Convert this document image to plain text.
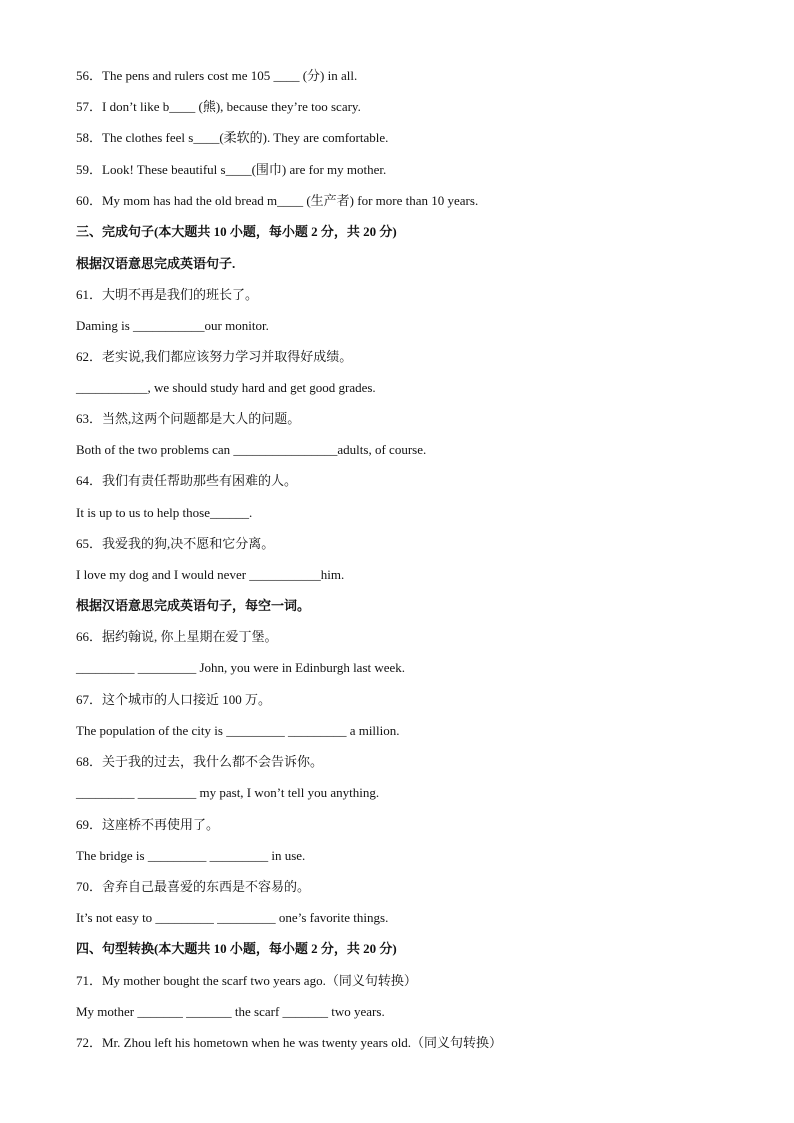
56．The pens and rulers cost me 105 ____ (分) in all.
57．I don’t like b____ (熊), because they’re too scary.
58．The clothes feel s____(柔软的). They are comfortable.
59．Look! These beautiful s____(围巾) are for my mother.
60．My mom has had the old bread m____ (生产者) for more than 10 years.
三、完成句子(本大题共 10 小题，每小题 2 分，共 20 分)
根据汉语意思完成英语句子.
61．大明不再是我们的班长了。
Daming is ___________our monitor.
62．老实说,我们都应该努力学习并取得好成绩。
___________, we should study hard and get good grades.
63．当然,这两个问题都是大人的问题。
Both of the two problems can ________________adults, of course.
64．我们有责任帮助那些有困难的人。
It is up to us to help those______.
65．我爱我的狗,决不愿和它分离。
I love my dog and I would never ___________him.
根据汉语意思完成英语句子，每空一词。
66．据约翰说, 你上星期在爱丁堡。
_________ _________ John, you were in Edinburgh last week.
67．这个城市的人口接近 100 万。
The population of the city is _________ _________ a million.
68．关于我的过去，我什么都不会告诉你。
_________ _________ my past, I won’t tell you anything.
69．这座桥不再使用了。
The bridge is _________ _________ in use.
70．舍弃自己最喜爱的东西是不容易的。
It’s not easy to _________ _________ one’s favorite things.
四、句型转换(本大题共 10 小题，每小题 2 分，共 20 分)
71．My mother bought the scarf two years ago.（同义句转换）
My mother _______ _______ the scarf _______ two years.
72．Mr. Zhou left his hometown when he was twenty years old.（同义句转换）
